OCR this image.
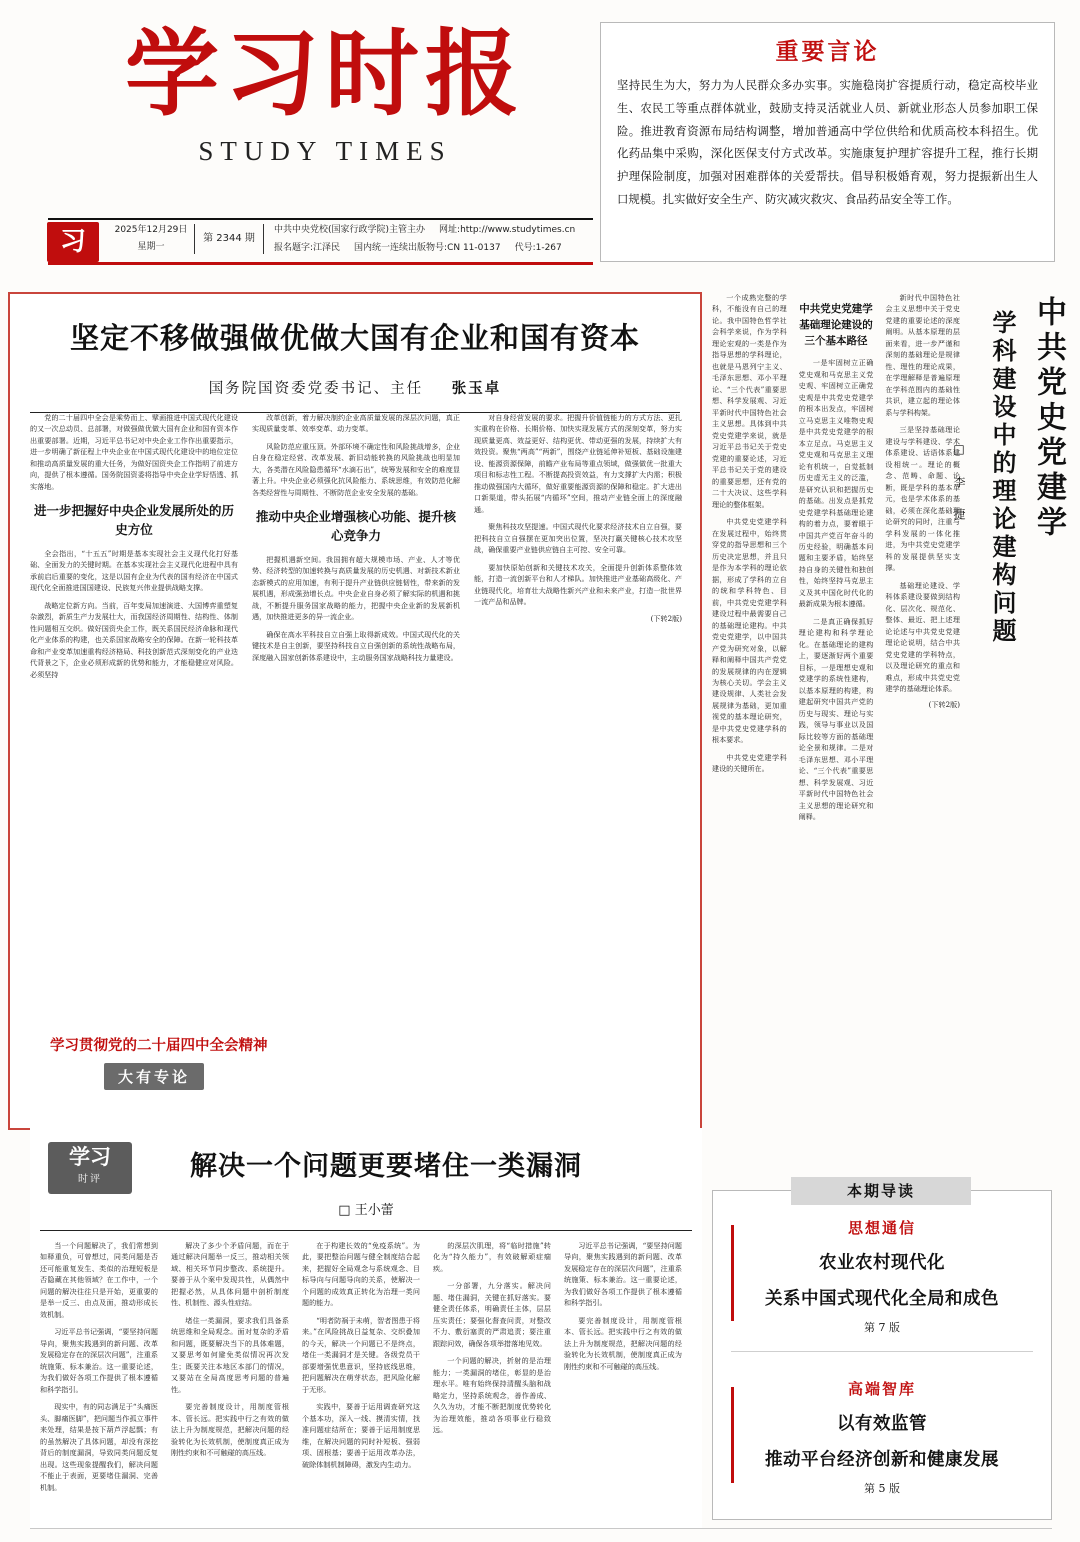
学习时报
STUDY TIMES
习	2025年12月29日
星期一
第 2344 期
中共中央党校(国家行政学院)主管主办 网址:http://www.studytimes.cn
报名题字:江泽民 国内统一连续出版物号:CN 11-0137 代号:1-267
重要言论

坚持民生为大，努力为人民群众多办实事。实施稳岗扩容提质行动，稳定高校毕业生、农民工等重点群体就业，鼓励支持灵活就业人员、新就业形态人员参加职工保险。推进教育资源布局结构调整，增加普通高中学位供给和优质高校本科招生。优化药品集中采购，深化医保支付方式改革。实施康复护理扩容提升工程，推行长期护理保险制度，加强对困难群体的关爱帮扶。倡导积极婚育观，努力提振新出生人口规模。扎实做好安全生产、防灾减灾救灾、食品药品安全等工作。

坚定不移做强做优做大国有企业和国有资本
国务院国资委党委书记、主任 张玉卓

党的二十届四中全会是乘势而上、擘画推进中国式现代化建设的又一次总动员、总部署，对做强做优做大国有企业和国有资本作出重要部署。近期，习近平总书记对中央企业工作作出重要指示，进一步明确了新征程上中央企业在中国式现代化建设中的地位定位和推动高质量发展的重大任务，为做好国资央企工作指明了前进方向，提供了根本遵循。国务院国资委将指导中央企业学好悟透、抓实落地。

进一步把握好中央企业发展所处的历史方位

全会指出，“十五五”时期是基本实现社会主义现代化打好基础、全面发力的关键时期。在基本实现社会主义现代化进程中具有承前启后重要的变化，这是以国有企业为代表的国有经济在中国式现代化全面推进国国建设、民族复兴伟业提供战略支撑。

战略定位新方向。当前，百年变局加速演进、大国博弈重塑复杂激烈，新质生产力发展壮大，而我国经济周期性、结构性、体制性问题相互交织。做好国资央企工作，既关系国民经济命脉和现代化产业体系的构建，也关系国家战略安全的保障。在新一轮科技革命和产业变革加速重构经济格局、科技创新范式深刻变化的产业迭代背景之下，企业必须形成新的优势和能力，才能稳健应对风险。必须坚持

学习贯彻党的二十届四中全会精神
大有专论

改革创新，着力解决制约企业高质量发展的深层次问题，真正实现质量变革、效率变革、动力变革。

风险防范应重压顶。外部环境不确定性和风险挑战增多，企业自身在稳定经营、改革发展、新旧动能转换的风险挑战也明显加大，各类潜在风险隐患循环“水滴石出”，统筹发展和安全的难度显著上升。中央企业必须强化抗风险能力、系统思维，有效防范化解各类经营性与周期性、不断防范企业安全发展的基础。

推动中央企业增强核心功能、提升核心竞争力

把握机遇新空间。我国拥有超大规模市场、产业、人才等优势、经济转型的加速转换与高质量发展的历史机遇、对新技术新业态新模式的应用加速，有利于提升产业链供应链韧性，带来新的发展机遇，形成强劲增长点。中央企业自身必须了解实际的机遇和挑战，不断提升服务国家战略的能力，把握中央企业新的发展新机遇，加快推进更多的异一流企业。

确保在高水平科技自立自强上取得新成效。中国式现代化的关键技术是自主创新，要坚持科技自立自强创新的系统性战略布局，深度融入国家创新体系建设中，主动服务国家战略科技力量建设。

对自身经营发展的要求。把握升价值链能力的方式方法、更扎实重构在价格、长期价格、加快实现发展方式的深刻变革，努力实现质量更高、效益更好、结构更优、带动更强的发展，持续扩大有效投资。聚焦“两高”“两新”，围绕产业链延伸补短板、基础设施建设、能源资源保障，前瞻产业布局等重点领域，做强做优一批重大项目和标志性工程。不断提高投资效益，有力支撑扩大内需；积极推动做强国内大循环，做好重要能源资源的保障和稳定。扩大进出口新渠道，带头拓展“内循环”空间，推动产业链全面上的深度融通。

聚焦科技攻坚提速。中国式现代化要求经济技术自立自强，要把科技自立自强摆在更加突出位置，坚决打赢关键核心技术攻坚战，确保重要产业链供应链自主可控、安全可靠。

要加快原始创新和关键技术攻关，全面提升创新体系整体效能，打造一流创新平台和人才梯队。加快推进产业基础高级化、产业链现代化，培育壮大战略性新兴产业和未来产业，打造一批世界一流产品和品牌。

(下转2版)
中共党史党建学
学科建设中的理论建构问题
□ 李 捷

一个成熟完整的学科，不能没有自己的理论。我中国特色哲学社会科学来说，作为学科理论宏观的一类是作为指导思想的学科理论，也就是马恩列宁主义、毛泽东思想、邓小平理论、“三个代表”重要思想、科学发展观、习近平新时代中国特色社会主义思想。具体到中共党史党建学来说，就是习近平总书记关于党史党建的重要论述，习近平总书记关于党的建设的重要思想，还有党的二十大决议、这些学科理论的整体框架。

中共党史党建学科在发展过程中，始终贯穿党的指导思想和三个历史决定思想，并且只是作为本学科的理论依据，形成了学科的立自的统和学科特色、目前，中共党史党建学科建设过程中最需要自己的基础理论建构。中共党史党建学，以中国共产党为研究对象，以解释和阐释中国共产党党的发展规律的内在逻辑为核心关切。学会主义建设规律、人类社会发展规律为基础，更加重视党的基本理论研究，是中共党史党建学科的根本要求。

中共党史党建学科建设的关键所在。

中共党史党建学基础理论建设的三个基本路径

一是牢固树立正确党史观和马克思主义党史观、牢固树立正确党史观是中共党史党建学的根本出发点，牢固树立马克思主义唯物史观是中共党史党建学的根本立足点。马克思主义党史观和马克思主义理论有机统一，自觉抵制历史虚无主义的泛滥，是研究认识和把握历史的基础。出发点是抓党史党建学科基础理论建构的着力点，要着眼于中国共产党百年奋斗的历史经验，明确基本问题和主要矛盾，始终坚持自身的关键性和独创性，始终坚持马克思主义及其中国化时代化的最新成果为根本遵循。

二是真正确保抓好理论建构和科学理论化。在基础理论的建构上，要逐渐好两个重要目标，一是理想史观和党建学的系统性建构，以基本原理的构建，构建起研究中国共产党的历史与现实、理论与实践，领导与事业以及国际比较等方面的基础理论全景和规律。二是对毛泽东思想、邓小平理论、“三个代表”重要思想、科学发展观、习近平新时代中国特色社会主义思想的理论研究和阐释。

新时代中国特色社会主义思想中关于党史党建的重要论述的深度阐明。从基本原理的层面来看，进一步严谨和深刻的基础理论是规律性、理性的理论成果，在学理解释是普遍原理在学科范围内的基础性共识，建立起的理论体系与学科构架。

三是坚持基础理论建设与学科建设、学术体系建设、话语体系建设相统一。理论的概念、范畴、命题、论断，既是学科的基本单元，也是学术体系的基础，必须在深化基础理论研究的同时，注重与学科发展的一体化推进，为中共党史党建学科的发展提供坚实支撑。

基础理论建设、学科体系建设要做到结构化、层次化、规范化、整体、最近、把上述理论论述与中共党史党建理论论说明，结合中共党史党建的学科特点，以及理论研究的重点和难点，形成中共党史党建学的基础理论体系。

(下转2版)
学习
时评	解决一个问题更要堵住一类漏洞
□ 王小蕾

当一个问题解决了，我们常想到如释重负，可曾想过，同类问题是否还可能重复发生、类似的治理短板是否隐藏在其他领域？在工作中，一个问题的解决往往只是开始，更重要的是举一反三、由点及面，推动形成长效机制。

习近平总书记强调，“要坚持问题导向，聚焦实践遇到的新问题、改革发展稳定存在的深层次问题”，注重系统施策、标本兼治。这一重要论述，为我们做好各项工作提供了根本遵循和科学指引。

现实中，有的同志满足于“头痛医头、脚痛医脚”，把问题当作孤立事件来处理，结果是按下葫芦浮起瓢；有的虽然解决了具体问题，却没有深挖背后的制度漏洞，导致同类问题反复出现。这些现象提醒我们，解决问题不能止于表面，更要堵住漏洞、完善机制。

解决了多少个矛盾问题，而在于通过解决问题举一反三，推动相关领域、相关环节同步整改、系统提升。要善于从个案中发现共性，从偶然中把握必然，从具体问题中剖析制度性、机制性、源头性症结。

堵住一类漏洞，要求我们具备系统思维和全局观念。面对复杂的矛盾和问题，既要解决当下的具体难题，又要思考如何避免类似情况再次发生；既要关注本地区本部门的情况，又要站在全局高度思考问题的普遍性。

要完善制度设计，用制度管根本、管长远。把实践中行之有效的做法上升为制度规范，把解决问题的经验转化为长效机制，使制度真正成为刚性约束和不可触碰的高压线。

在于构建长效的“免疫系统”。为此，要把整治问题与健全制度结合起来，把握好全局观念与系统观念、目标导向与问题导向的关系，使解决一个问题的成效真正转化为治理一类问题的能力。

“明者防祸于未萌，智者图患于将来。”在风险挑战日益复杂、交织叠加的今天，解决一个问题已不是终点，堵住一类漏洞才是关键。各级党员干部要增强忧患意识，坚持底线思维，把问题解决在萌芽状态，把风险化解于无形。

实践中，要善于运用调查研究这个基本功，深入一线、摸清实情，找准问题症结所在；要善于运用制度思维，在解决问题的同时补短板、强弱项、固根基；要善于运用改革办法，破除体制机制障碍，激发内生动力。

的深层次肌理，将“临时措施”转化为“持久能力”，有效破解顽症痼疾。

一分部署，九分落实。解决问题、堵住漏洞，关键在抓好落实。要健全责任体系，明确责任主体，层层压实责任；要强化督查问责，对整改不力、敷衍塞责的严肃追责；要注重跟踪问效，确保各项举措落地见效。

一个问题的解决，折射的是治理能力；一类漏洞的堵住，彰显的是治理水平。唯有始终保持清醒头脑和战略定力，坚持系统观念，善作善成、久久为功，才能不断把制度优势转化为治理效能，推动各项事业行稳致远。

习近平总书记强调，“要坚持问题导向，聚焦实践遇到的新问题、改革发展稳定存在的深层次问题”，注重系统施策、标本兼治。这一重要论述，为我们做好各项工作提供了根本遵循和科学指引。

要完善制度设计，用制度管根本、管长远。把实践中行之有效的做法上升为制度规范，把解决问题的经验转化为长效机制，使制度真正成为刚性约束和不可触碰的高压线。

本期导读
思想通信
农业农村现代化
关系中国式现代化全局和成色
第 7 版
高端智库
以有效监管
推动平台经济创新和健康发展
第 5 版
